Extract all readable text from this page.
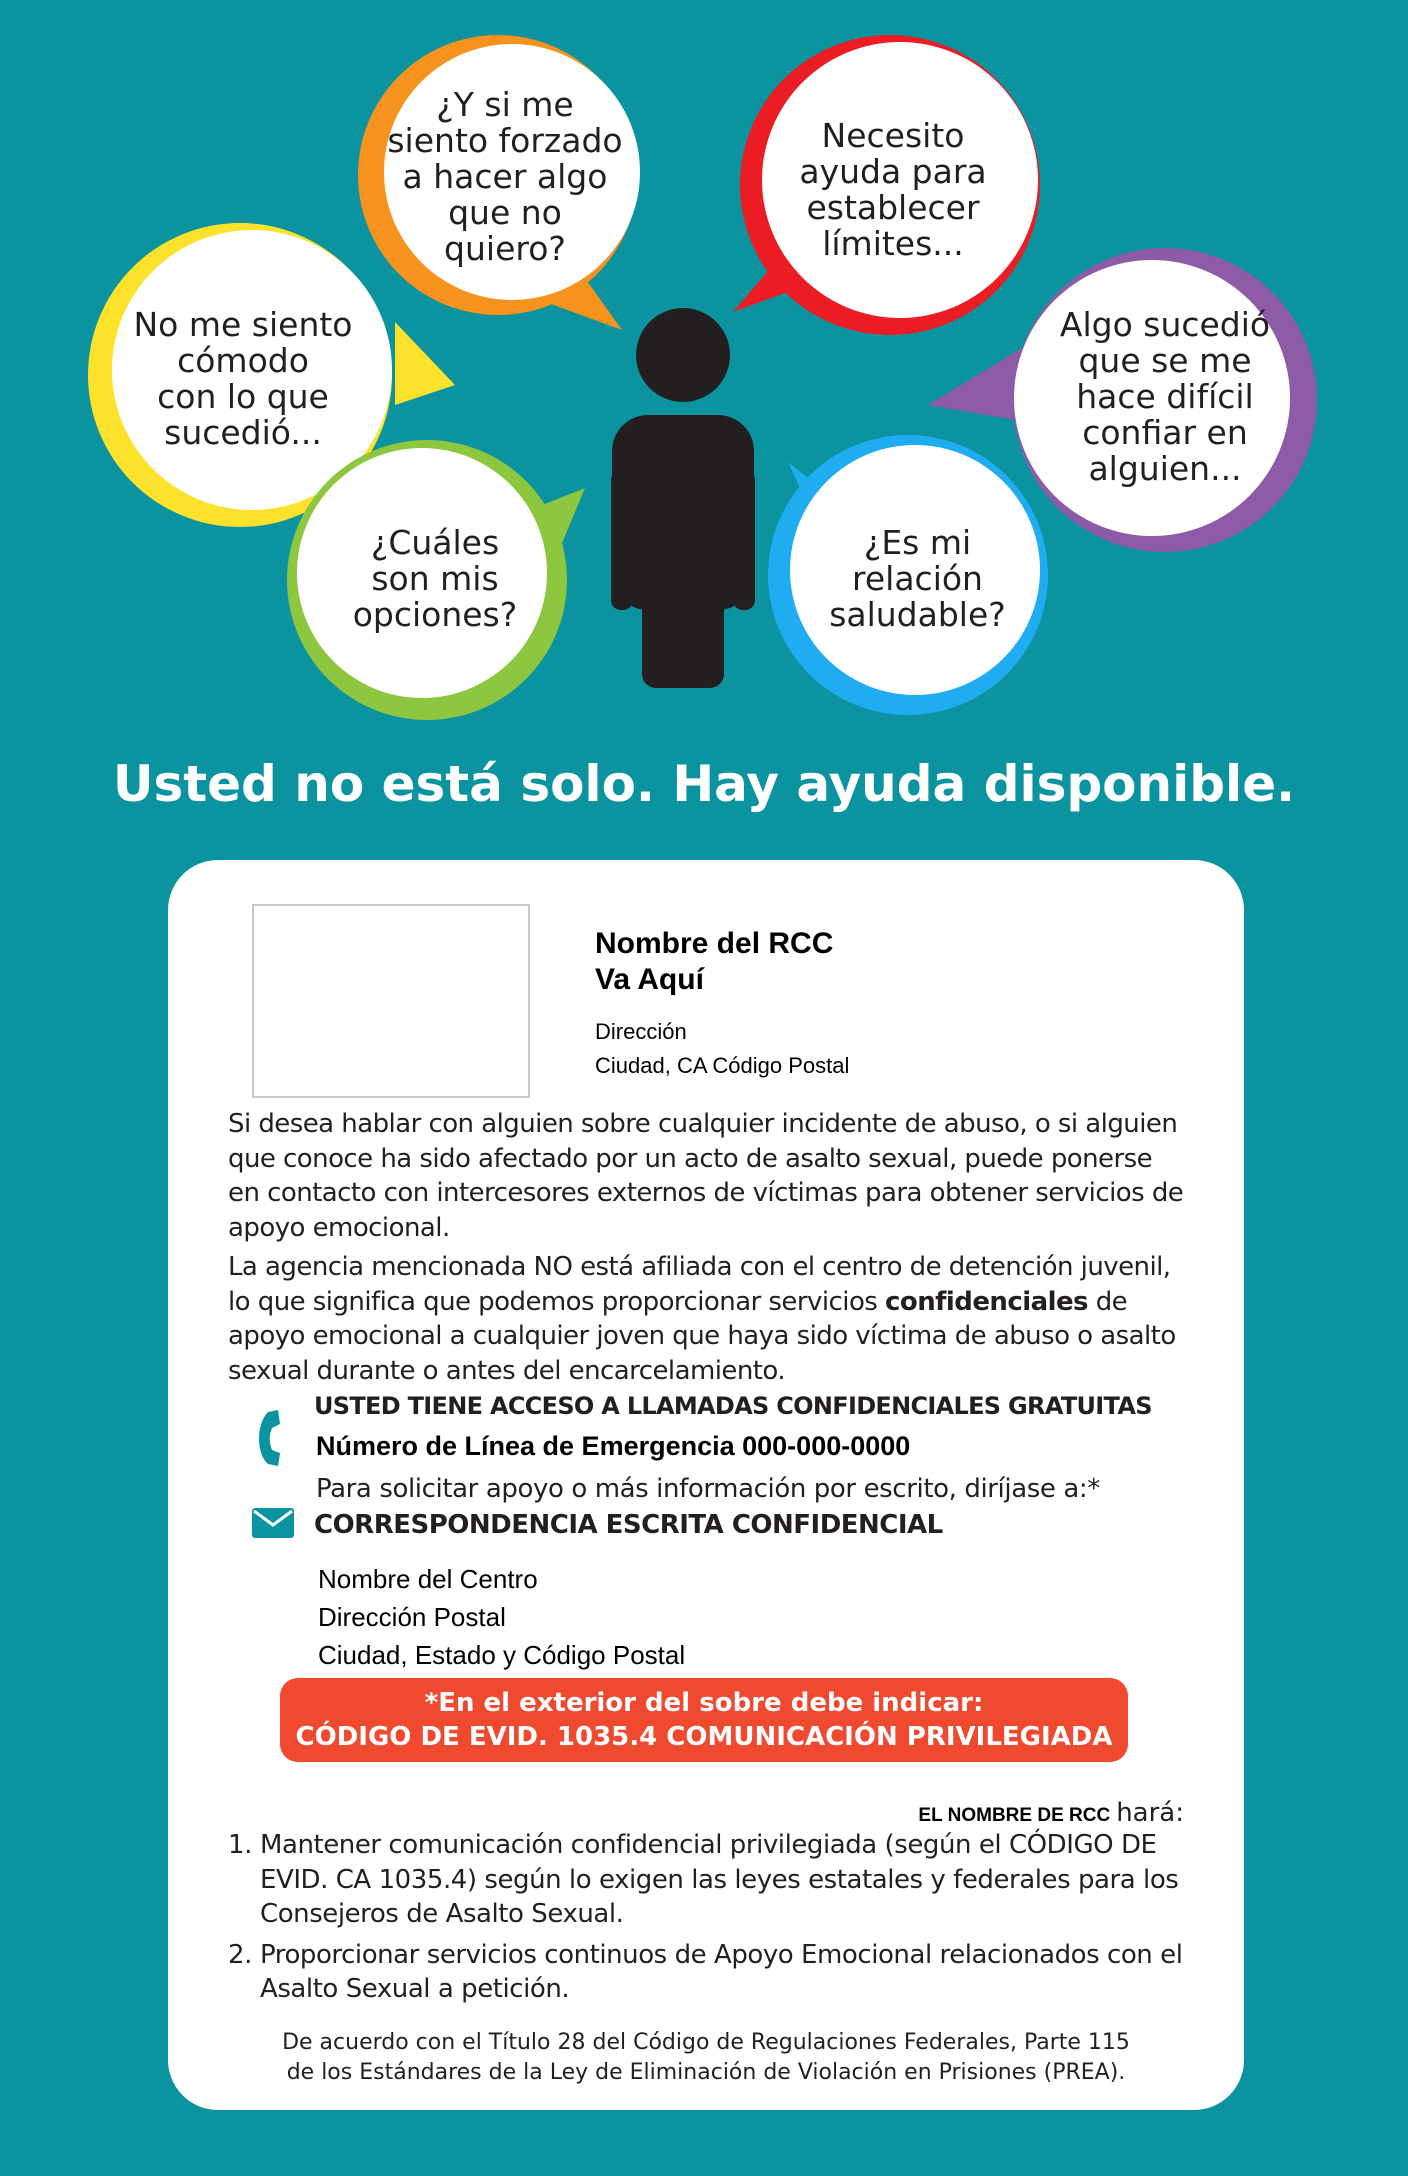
No me siento
cómodo
con lo que
sucedió...
¿Y si me
siento forzado
a hacer algo
que no
quiero?
Necesito
ayuda para
establecer
límites...
Algo sucedió
que se me
hace difícil
confiar en
alguien...
¿Cuáles
son mis
opciones?
¿Es mi
relación
saludable?
Usted no está solo. Hay ayuda disponible.
Nombre del RCC
Va Aquí
Dirección
Ciudad, CA Código Postal
Si desea hablar con alguien sobre cualquier incidente de abuso, o si alguien que conoce ha sido afectado por un acto de asalto sexual, puede ponerse en contacto con intercesores externos de víctimas para obtener servicios de apoyo emocional.
La agencia mencionada NO está afiliada con el centro de detención juvenil, lo que significa que podemos proporcionar servicios confidenciales de apoyo emocional a cualquier joven que haya sido víctima de abuso o asalto sexual durante o antes del encarcelamiento.
USTED TIENE ACCESO A LLAMADAS CONFIDENCIALES GRATUITAS
Número de Línea de Emergencia 000-000-0000
Para solicitar apoyo o más información por escrito, diríjase a:*
CORRESPONDENCIA ESCRITA CONFIDENCIAL
Nombre del Centro
Dirección Postal
Ciudad, Estado y Código Postal
*En el exterior del sobre debe indicar:
CÓDIGO DE EVID. 1035.4 COMUNICACIÓN PRIVILEGIADA
EL NOMBRE DE RCC hará:
1. Mantener comunicación confidencial privilegiada (según el CÓDIGO DE EVID. CA 1035.4) según lo exigen las leyes estatales y federales para los Consejeros de Asalto Sexual.
2. Proporcionar servicios continuos de Apoyo Emocional relacionados con el Asalto Sexual a petición.
De acuerdo con el Título 28 del Código de Regulaciones Federales, Parte 115
de los Estándares de la Ley de Eliminación de Violación en Prisiones (PREA).
